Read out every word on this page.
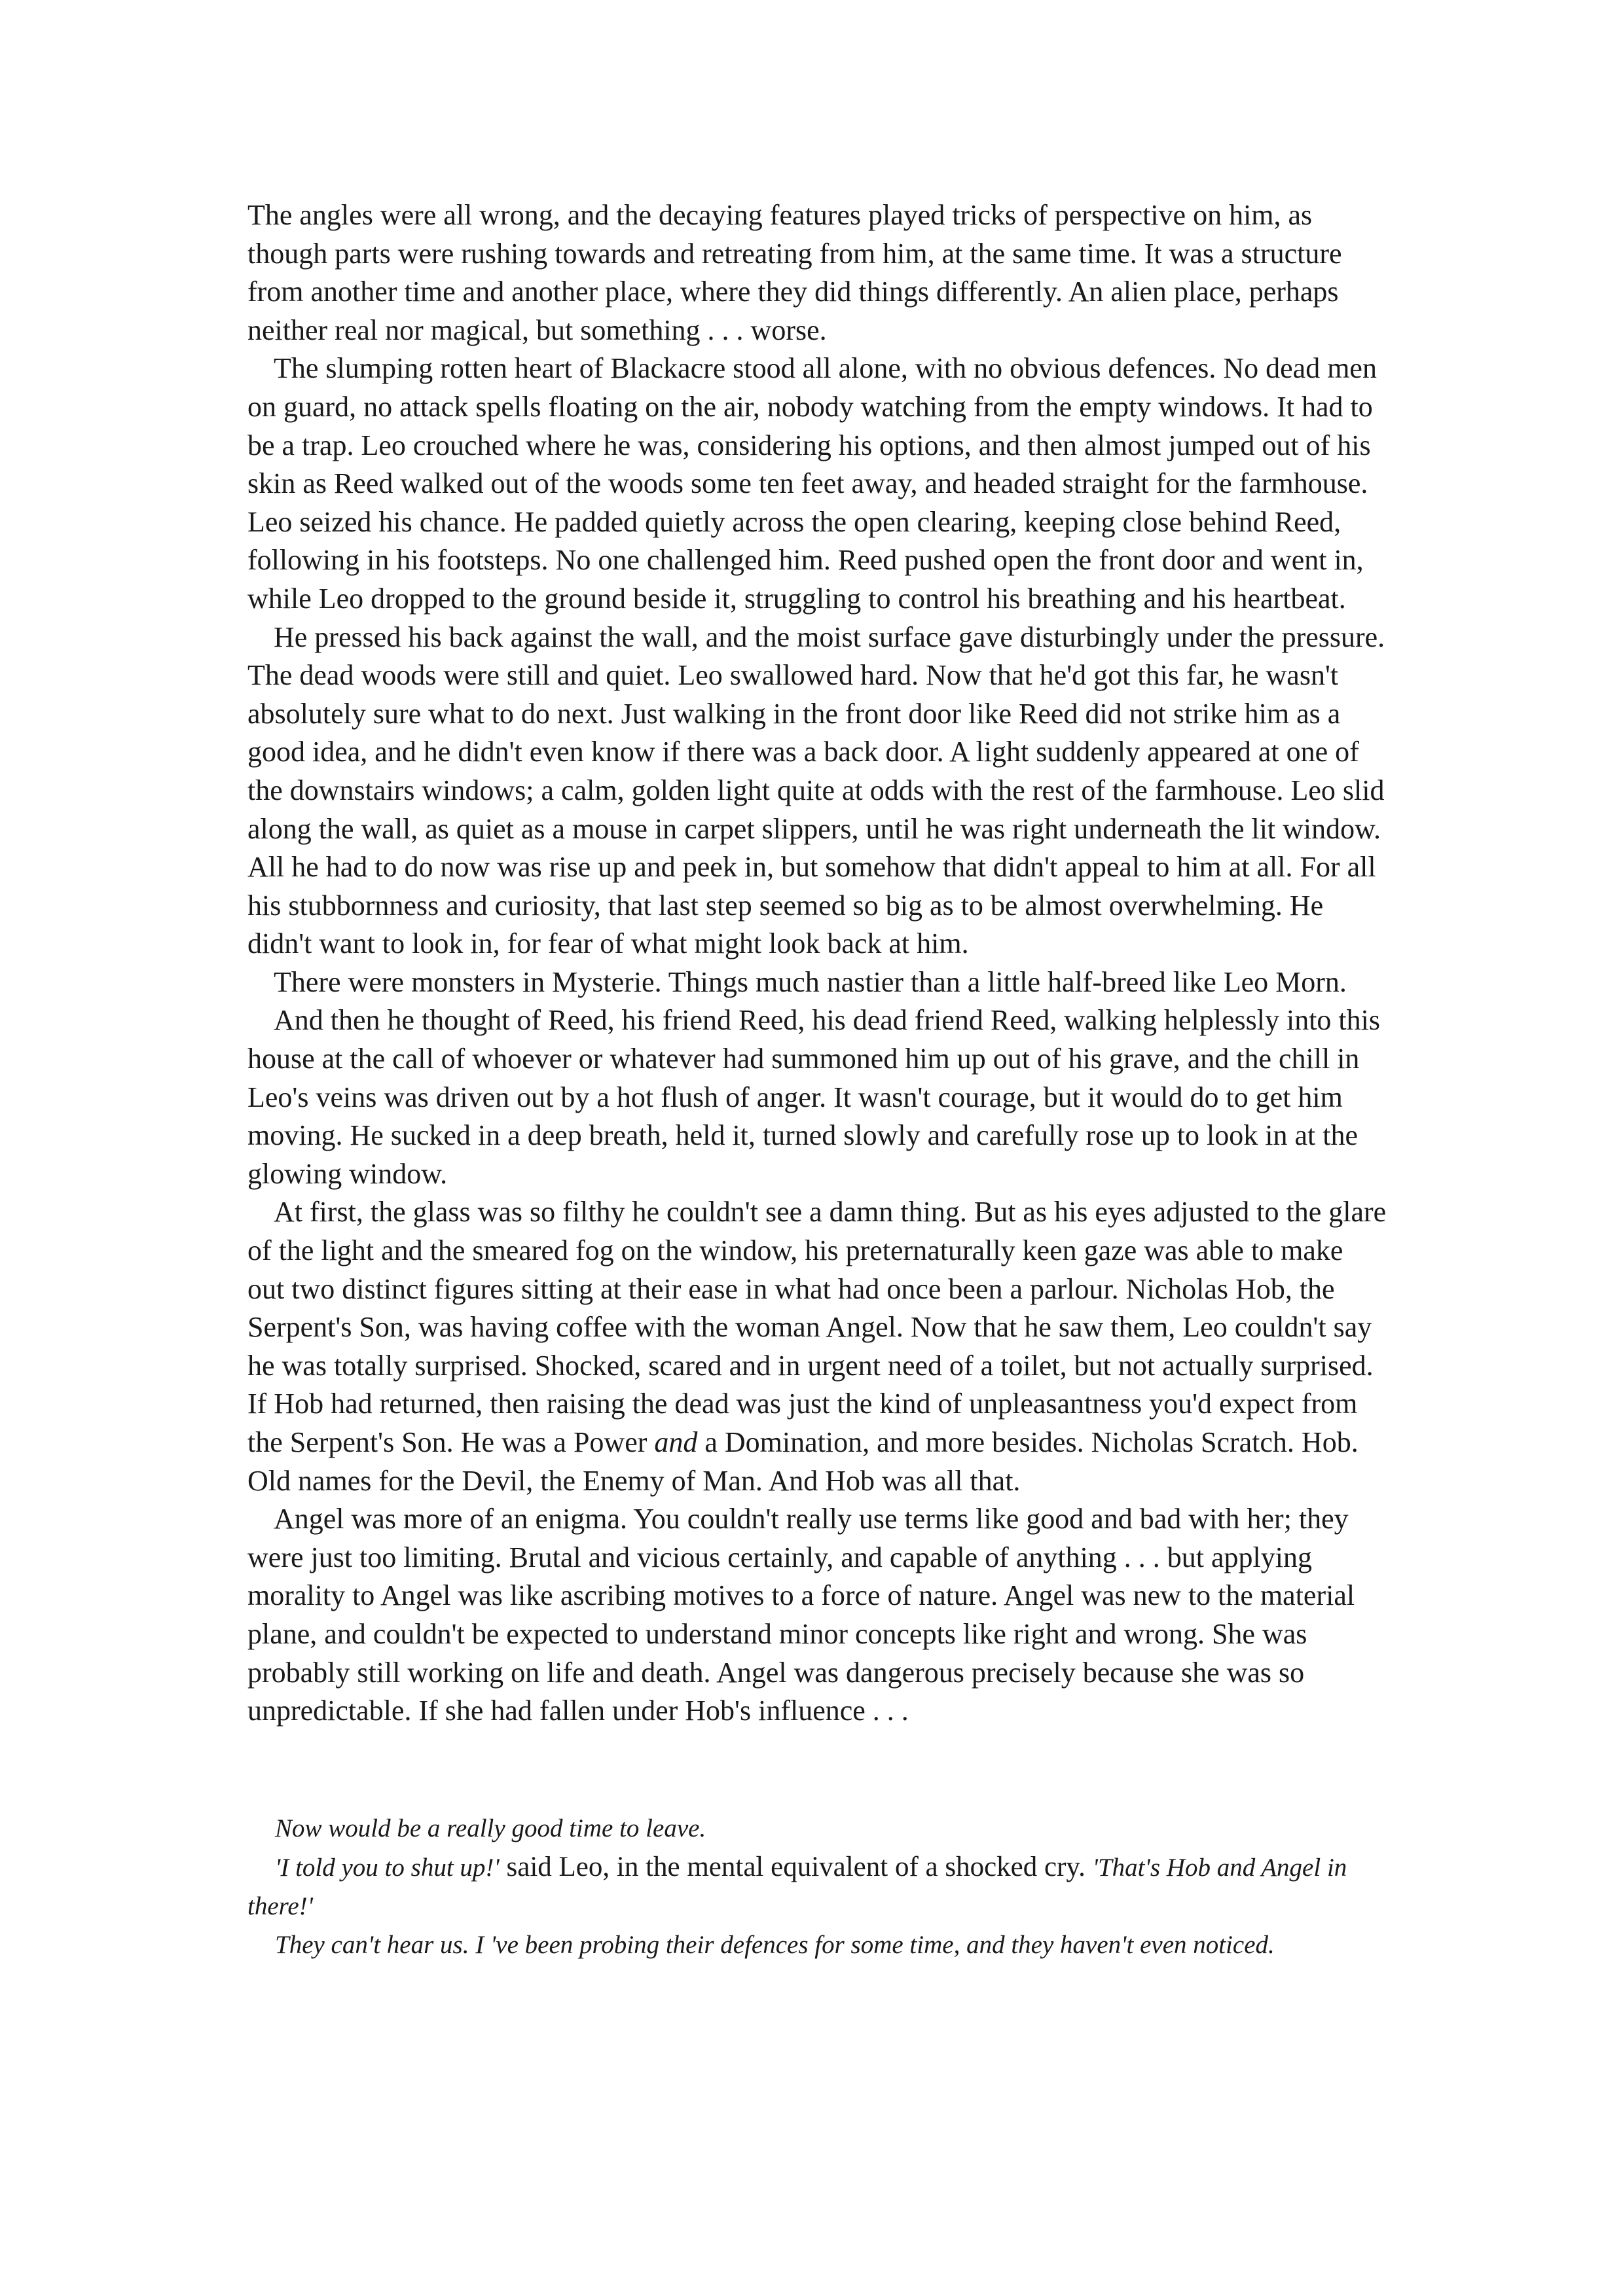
The angles were all wrong, and the decaying features played tricks of perspective on him, as though parts were rushing towards and retreating from him, at the same time. It was a structure from another time and another place, where they did things differently. An alien place, perhaps neither real nor magical, but something . . . worse.

The slumping rotten heart of Blackacre stood all alone, with no obvious defences. No dead men on guard, no attack spells floating on the air, nobody watching from the empty windows. It had to be a trap. Leo crouched where he was, considering his options, and then almost jumped out of his skin as Reed walked out of the woods some ten feet away, and headed straight for the farmhouse. Leo seized his chance. He padded quietly across the open clearing, keeping close behind Reed, following in his footsteps. No one challenged him. Reed pushed open the front door and went in, while Leo dropped to the ground beside it, struggling to control his breathing and his heartbeat.

He pressed his back against the wall, and the moist surface gave disturbingly under the pressure. The dead woods were still and quiet. Leo swallowed hard. Now that he'd got this far, he wasn't absolutely sure what to do next. Just walking in the front door like Reed did not strike him as a good idea, and he didn't even know if there was a back door. A light suddenly appeared at one of the downstairs windows; a calm, golden light quite at odds with the rest of the farmhouse. Leo slid along the wall, as quiet as a mouse in carpet slippers, until he was right underneath the lit window. All he had to do now was rise up and peek in, but somehow that didn't appeal to him at all. For all his stubbornness and curiosity, that last step seemed so big as to be almost overwhelming. He didn't want to look in, for fear of what might look back at him.

There were monsters in Mysterie. Things much nastier than a little half-breed like Leo Morn.

And then he thought of Reed, his friend Reed, his dead friend Reed, walking helplessly into this house at the call of whoever or whatever had summoned him up out of his grave, and the chill in Leo's veins was driven out by a hot flush of anger. It wasn't courage, but it would do to get him moving. He sucked in a deep breath, held it, turned slowly and carefully rose up to look in at the glowing window.

At first, the glass was so filthy he couldn't see a damn thing. But as his eyes adjusted to the glare of the light and the smeared fog on the window, his preternaturally keen gaze was able to make out two distinct figures sitting at their ease in what had once been a parlour. Nicholas Hob, the Serpent's Son, was having coffee with the woman Angel. Now that he saw them, Leo couldn't say he was totally surprised. Shocked, scared and in urgent need of a toilet, but not actually surprised. If Hob had returned, then raising the dead was just the kind of unpleasantness you'd expect from the Serpent's Son. He was a Power and a Domination, and more besides. Nicholas Scratch. Hob. Old names for the Devil, the Enemy of Man. And Hob was all that.

Angel was more of an enigma. You couldn't really use terms like good and bad with her; they were just too limiting. Brutal and vicious certainly, and capable of anything . . . but applying morality to Angel was like ascribing motives to a force of nature. Angel was new to the material plane, and couldn't be expected to understand minor concepts like right and wrong. She was probably still working on life and death. Angel was dangerous precisely because she was so unpredictable. If she had fallen under Hob's influence . . .

Now would be a really good time to leave.

'I told you to shut up!' said Leo, in the mental equivalent of a shocked cry. 'That's Hob and Angel in there!'

They can't hear us. I 've been probing their defences for some time, and they haven't even noticed.
